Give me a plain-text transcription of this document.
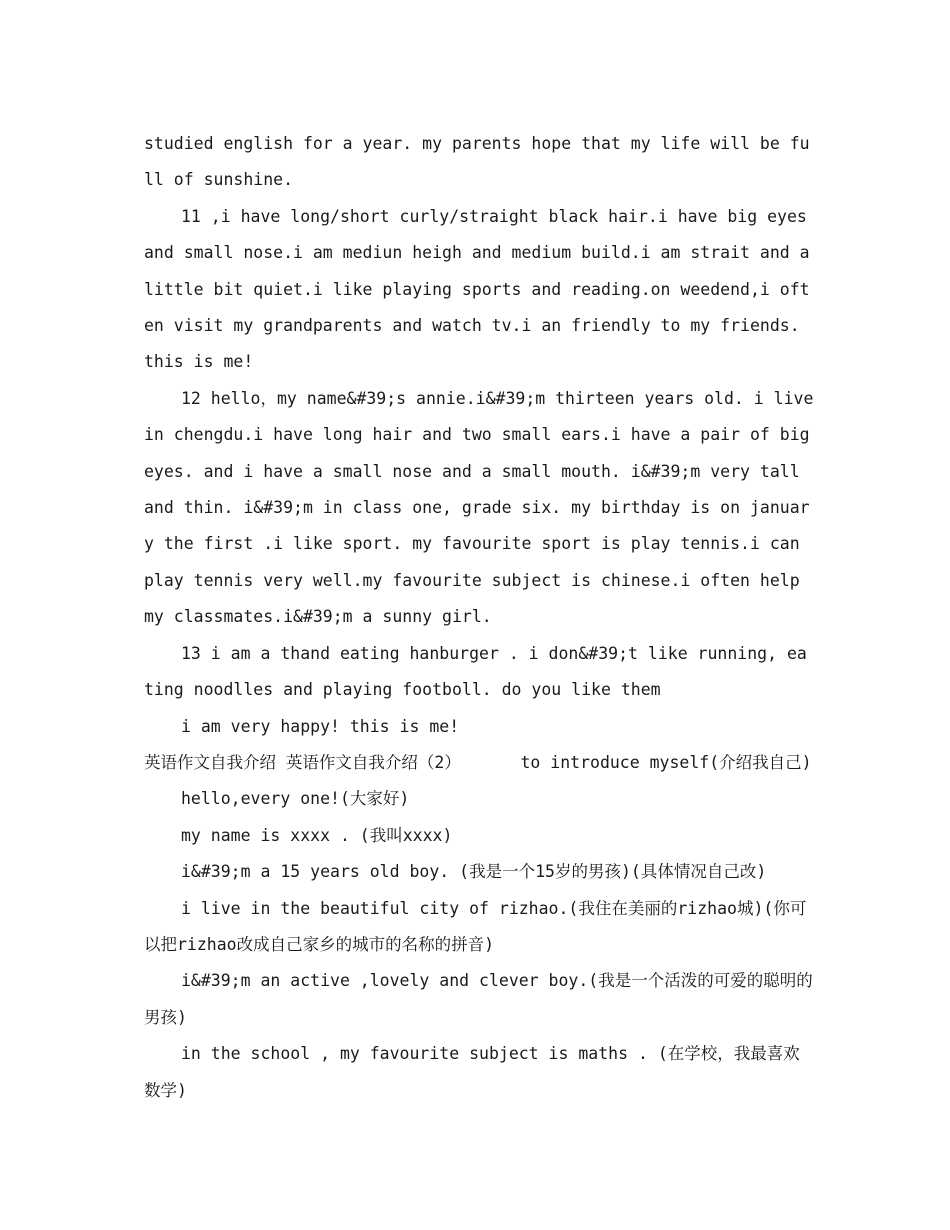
studied english for a year. my parents hope that my life will be full of sunshine.

11 ,i have long/short curly/straight black hair.i have big eyes and small nose.i am mediun heigh and medium build.i am strait and a little bit quiet.i like playing sports and reading.on weedend,i often visit my grandparents and watch tv.i an friendly to my friends. this is me!

12 hello，my name&#39;s annie.i&#39;m thirteen years old. i live in chengdu.i have long hair and two small ears.i have a pair of big eyes. and i have a small nose and a small mouth. i&#39;m very tall and thin. i&#39;m in class one, grade six. my birthday is on january the first .i like sport. my favourite sport is play tennis.i can play tennis very well.my favourite subject is chinese.i often help my classmates.i&#39;m a sunny girl.

13 i am a thand eating hanburger . i don&#39;t like running, eating noodlles and playing footboll. do you like them

i am very happy! this is me!

英语作文自我介绍 英语作文自我介绍（2）      to introduce myself(介绍我自己)

hello,every one!(大家好)

my name is xxxx . (我叫xxxx)

i&#39;m a 15 years old boy. (我是一个15岁的男孩)(具体情况自己改)

i live in the beautiful city of rizhao.(我住在美丽的rizhao城)(你可以把rizhao改成自己家乡的城市的名称的拼音)

i&#39;m an active ,lovely and clever boy.(我是一个活泼的可爱的聪明的男孩)

in the school , my favourite subject is maths . (在学校，我最喜欢数学)
